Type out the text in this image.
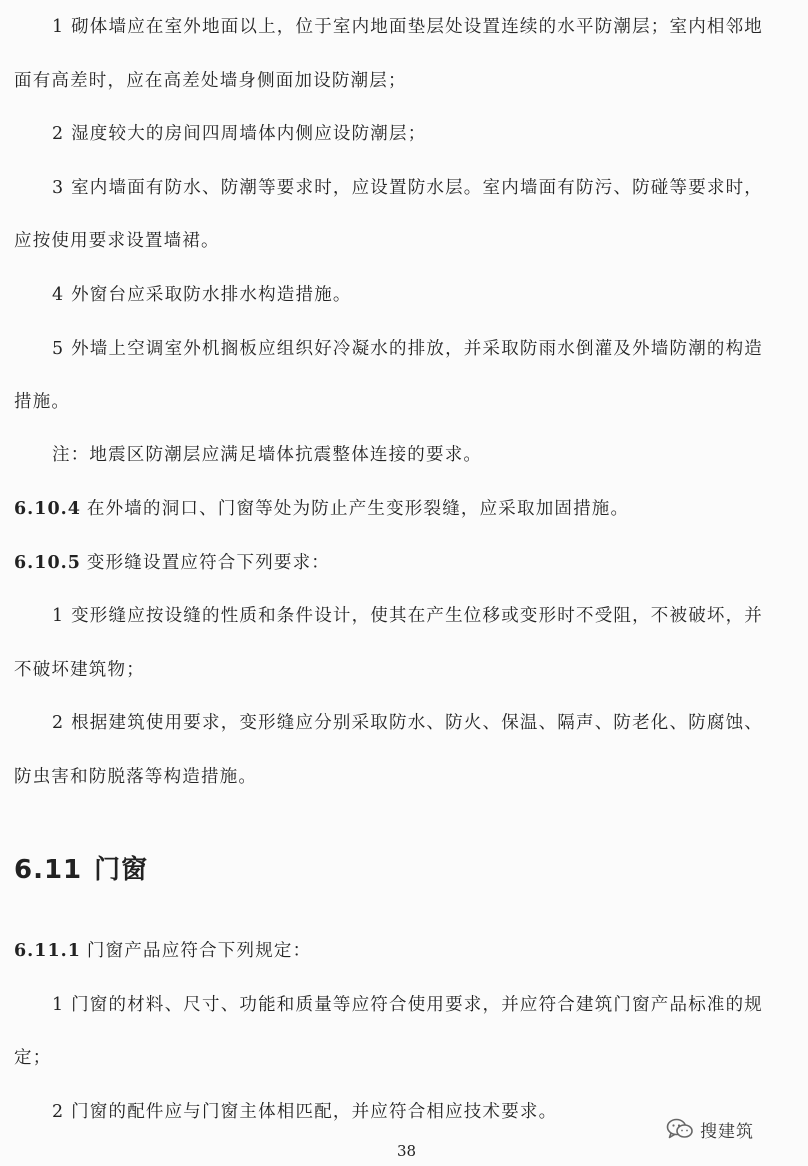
1 砌体墙应在室外地面以上，位于室内地面垫层处设置连续的水平防潮层；室内相邻地
面有高差时，应在高差处墙身侧面加设防潮层；
2 湿度较大的房间四周墙体内侧应设防潮层；
3 室内墙面有防水、防潮等要求时，应设置防水层。室内墙面有防污、防碰等要求时，
应按使用要求设置墙裙。
4 外窗台应采取防水排水构造措施。
5 外墙上空调室外机搁板应组织好冷凝水的排放，并采取防雨水倒灌及外墙防潮的构造
措施。
注：地震区防潮层应满足墙体抗震整体连接的要求。
6.10.4 在外墙的洞口、门窗等处为防止产生变形裂缝，应采取加固措施。
6.10.5 变形缝设置应符合下列要求：
1 变形缝应按设缝的性质和条件设计，使其在产生位移或变形时不受阻，不被破坏，并
不破坏建筑物；
2 根据建筑使用要求，变形缝应分别采取防水、防火、保温、隔声、防老化、防腐蚀、
防虫害和防脱落等构造措施。
6.11 门窗
6.11.1 门窗产品应符合下列规定：
1 门窗的材料、尺寸、功能和质量等应符合使用要求，并应符合建筑门窗产品标准的规
定；
2 门窗的配件应与门窗主体相匹配，并应符合相应技术要求。
38
搜建筑
